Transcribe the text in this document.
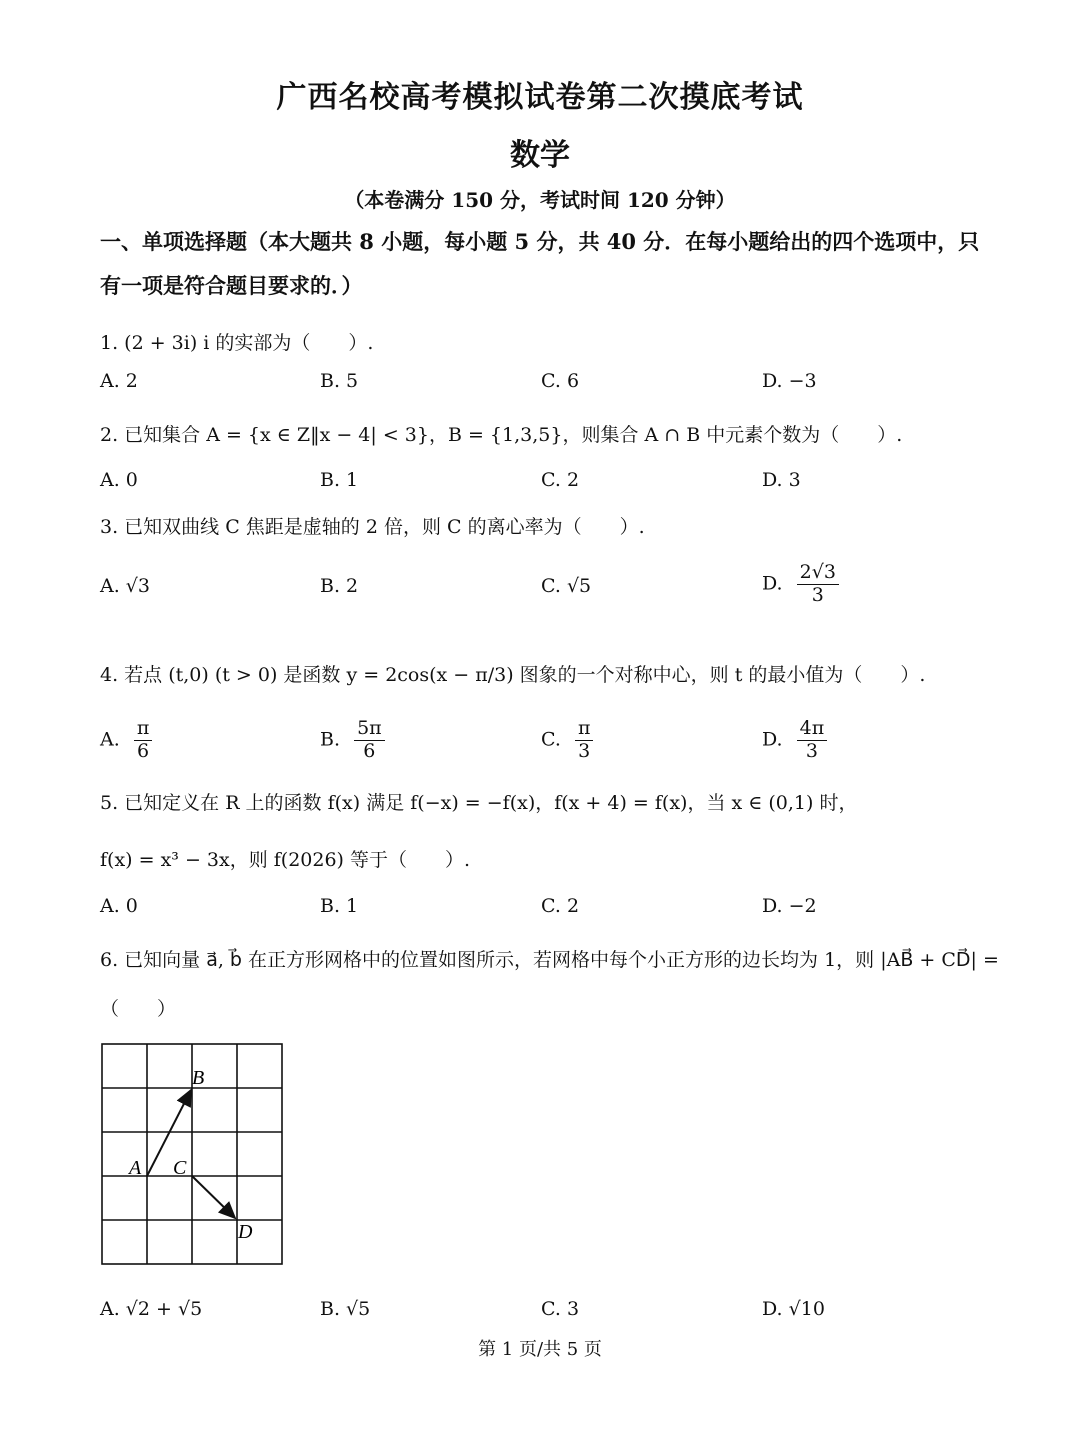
广西名校高考模拟试卷第二次摸底考试
数学
（本卷满分 150 分，考试时间 120 分钟）
一、单项选择题（本大题共 8 小题，每小题 5 分，共 40 分．在每小题给出的四个选项中，只
有一项是符合题目要求的．）
1. (2 + 3i) i 的实部为（　　）.
A. 2	B. 5	C. 6	D. −3
2. 已知集合 A = {x ∈ Z‖x − 4| < 3}，B = {1,3,5}，则集合 A ∩ B 中元素个数为（　　）.
A. 0	B. 1	C. 2	D. 3
3. 已知双曲线 C 焦距是虚轴的 2 倍，则 C 的离心率为（　　）.
A. √3	B. 2	C. √5	D. $\frac{2√3}{3}$
4. 若点 (t,0) (t > 0) 是函数 y = 2cos(x − π/3) 图象的一个对称中心，则 t 的最小值为（　　）.
A. $\frac{\pi}{6}$	B. $\frac{5\pi}{6}$	C. $\frac{\pi}{3}$	D. $\frac{4\pi}{3}$
5. 已知定义在 R 上的函数 f(x) 满足 f(−x) = −f(x)，f(x + 4) = f(x)，当 x ∈ (0,1) 时，
f(x) = x³ − 3x，则 f(2026) 等于（　　）.
A. 0	B. 1	C. 2	D. −2
6. 已知向量 a⃗, b⃗ 在正方形网格中的位置如图所示，若网格中每个小正方形的边长均为 1，则 |AB⃗ + CD⃗| =
（　　）
B
A C
D
A. √2 + √5	B. √5	C. 3	D. √10
第 1 页/共 5 页
